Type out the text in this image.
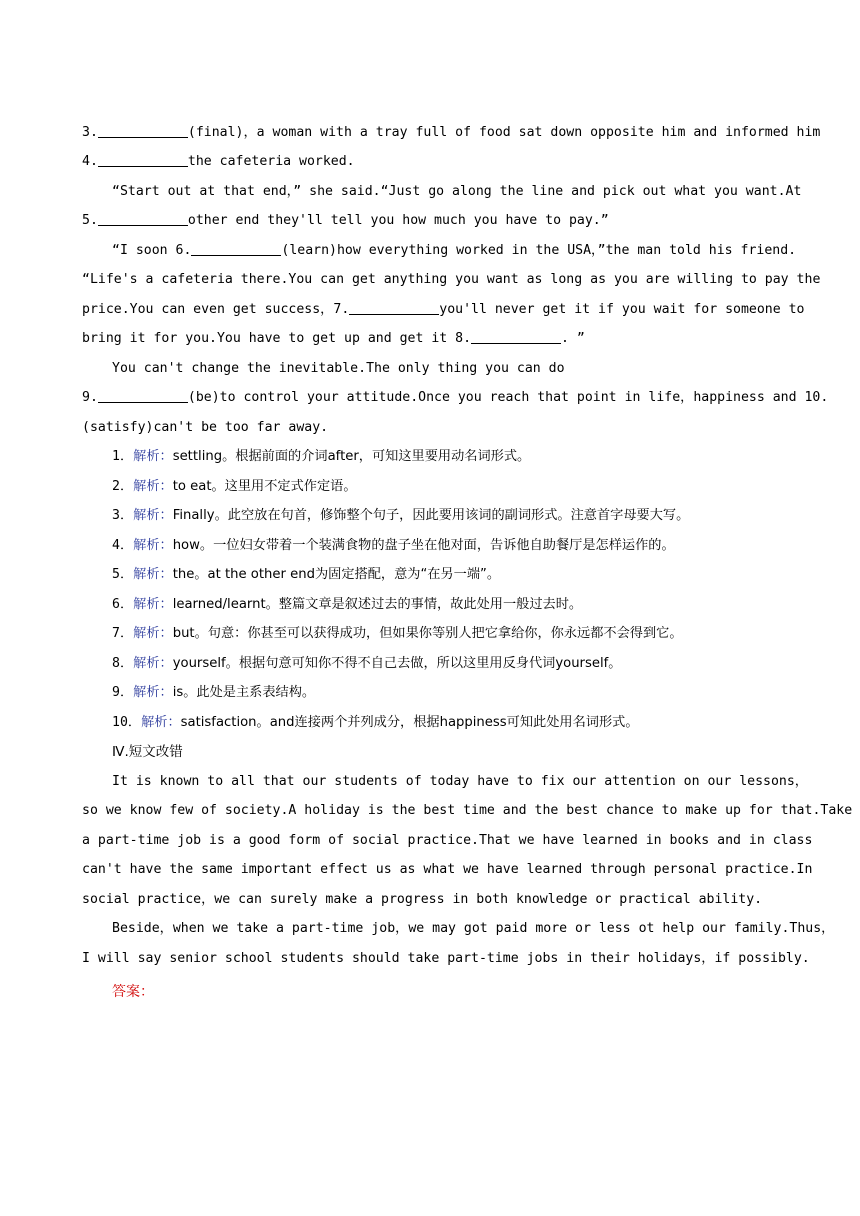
3.	(final)，a woman with a tray full of food sat down opposite him and informed him
4.	the cafeteria worked.
“Start out at that end，” she said.“Just go along the line and pick out what you want.At
5.	other end they'll tell you how much you have to pay.”
“I soon 6.	(learn)how everything worked in the USA，”the man told his friend.
“Life's a cafeteria there.You can get anything you want as long as you are willing to pay the
price.You can even get success，7.	you'll never get it if you wait for someone to
bring it for you.You have to get up and get it 8.	. ”
You can't change the inevitable.The only thing you can do
9.	(be)to control your attitude.Once you reach that point in life，happiness and 10.
(satisfy)can't be too far away.
1．解析：settling。根据前面的介词after，可知这里要用动名词形式。
2．解析：to eat。这里用不定式作定语。
3．解析：Finally。此空放在句首，修饰整个句子，因此要用该词的副词形式。注意首字母要大写。
4．解析：how。一位妇女带着一个装满食物的盘子坐在他对面，告诉他自助餐厅是怎样运作的。
5．解析：the。at the other end为固定搭配，意为“在另一端”。
6．解析：learned/learnt。整篇文章是叙述过去的事情，故此处用一般过去时。
7．解析：but。句意：你甚至可以获得成功，但如果你等别人把它拿给你，你永远都不会得到它。
8．解析：yourself。根据句意可知你不得不自己去做，所以这里用反身代词yourself。
9．解析：is。此处是主系表结构。
10．解析：satisfaction。and连接两个并列成分，根据happiness可知此处用名词形式。
Ⅳ.短文改错
It is known to all that our students of today have to fix our attention on our lessons，
so we know few of society.A holiday is the best time and the best chance to make up for that.Take
a part-time job is a good form of social practice.That we have learned in books and in class
can't have the same important effect us as what we have learned through personal practice.In
social practice，we can surely make a progress in both knowledge or practical ability.
Beside，when we take a part-time job，we may got paid more or less ot help our family.Thus，
I will say senior school students should take part-time jobs in their holidays，if possibly.
答案：
